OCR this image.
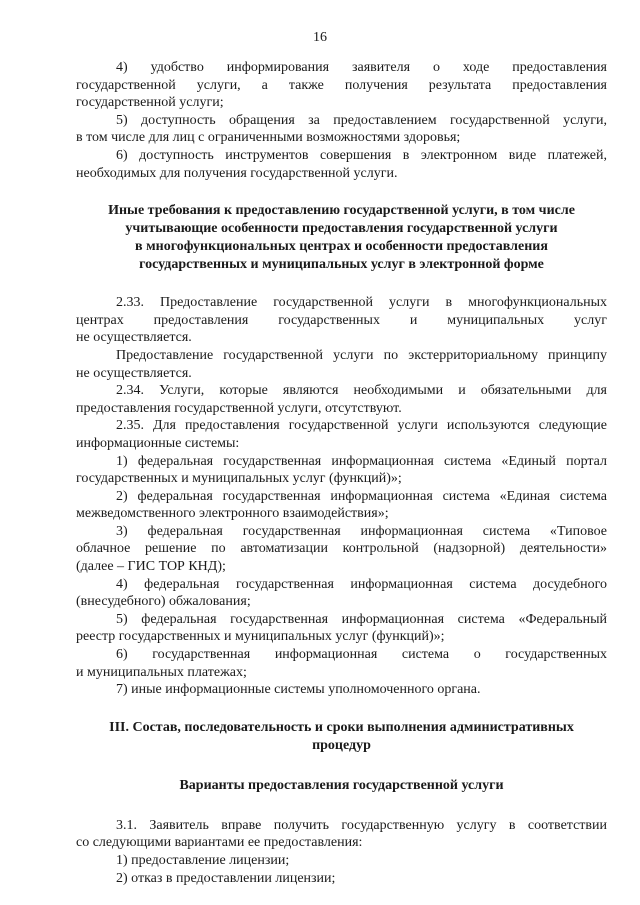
16
4) удобство информирования заявителя о ходе предоставления
государственной услуги, а также получения результата предоставления
государственной услуги;
5) доступность обращения за предоставлением государственной услуги,
в том числе для лиц с ограниченными возможностями здоровья;
6) доступность инструментов совершения в электронном виде платежей,
необходимых для получения государственной услуги.
Иные требования к предоставлению государственной услуги, в том числе
учитывающие особенности предоставления государственной услуги
в многофункциональных центрах и особенности предоставления
государственных и муниципальных услуг в электронной форме
2.33. Предоставление государственной услуги в многофункциональных
центрах предоставления государственных и муниципальных услуг
не осуществляется.
Предоставление государственной услуги по экстерриториальному принципу
не осуществляется.
2.34. Услуги, которые являются необходимыми и обязательными для
предоставления государственной услуги, отсутствуют.
2.35. Для предоставления государственной услуги используются следующие
информационные системы:
1) федеральная государственная информационная система «Единый портал
государственных и муниципальных услуг (функций)»;
2) федеральная государственная информационная система «Единая система
межведомственного электронного взаимодействия»;
3) федеральная государственная информационная система «Типовое
облачное решение по автоматизации контрольной (надзорной) деятельности»
(далее – ГИС ТОР КНД);
4) федеральная государственная информационная система досудебного
(внесудебного) обжалования;
5) федеральная государственная информационная система «Федеральный
реестр государственных и муниципальных услуг (функций)»;
6) государственная информационная система о государственных
и муниципальных платежах;
7) иные информационные системы уполномоченного органа.
III. Состав, последовательность и сроки выполнения административных
процедур
Варианты предоставления государственной услуги
3.1. Заявитель вправе получить государственную услугу в соответствии
со следующими вариантами ее предоставления:
1) предоставление лицензии;
2) отказ в предоставлении лицензии;
